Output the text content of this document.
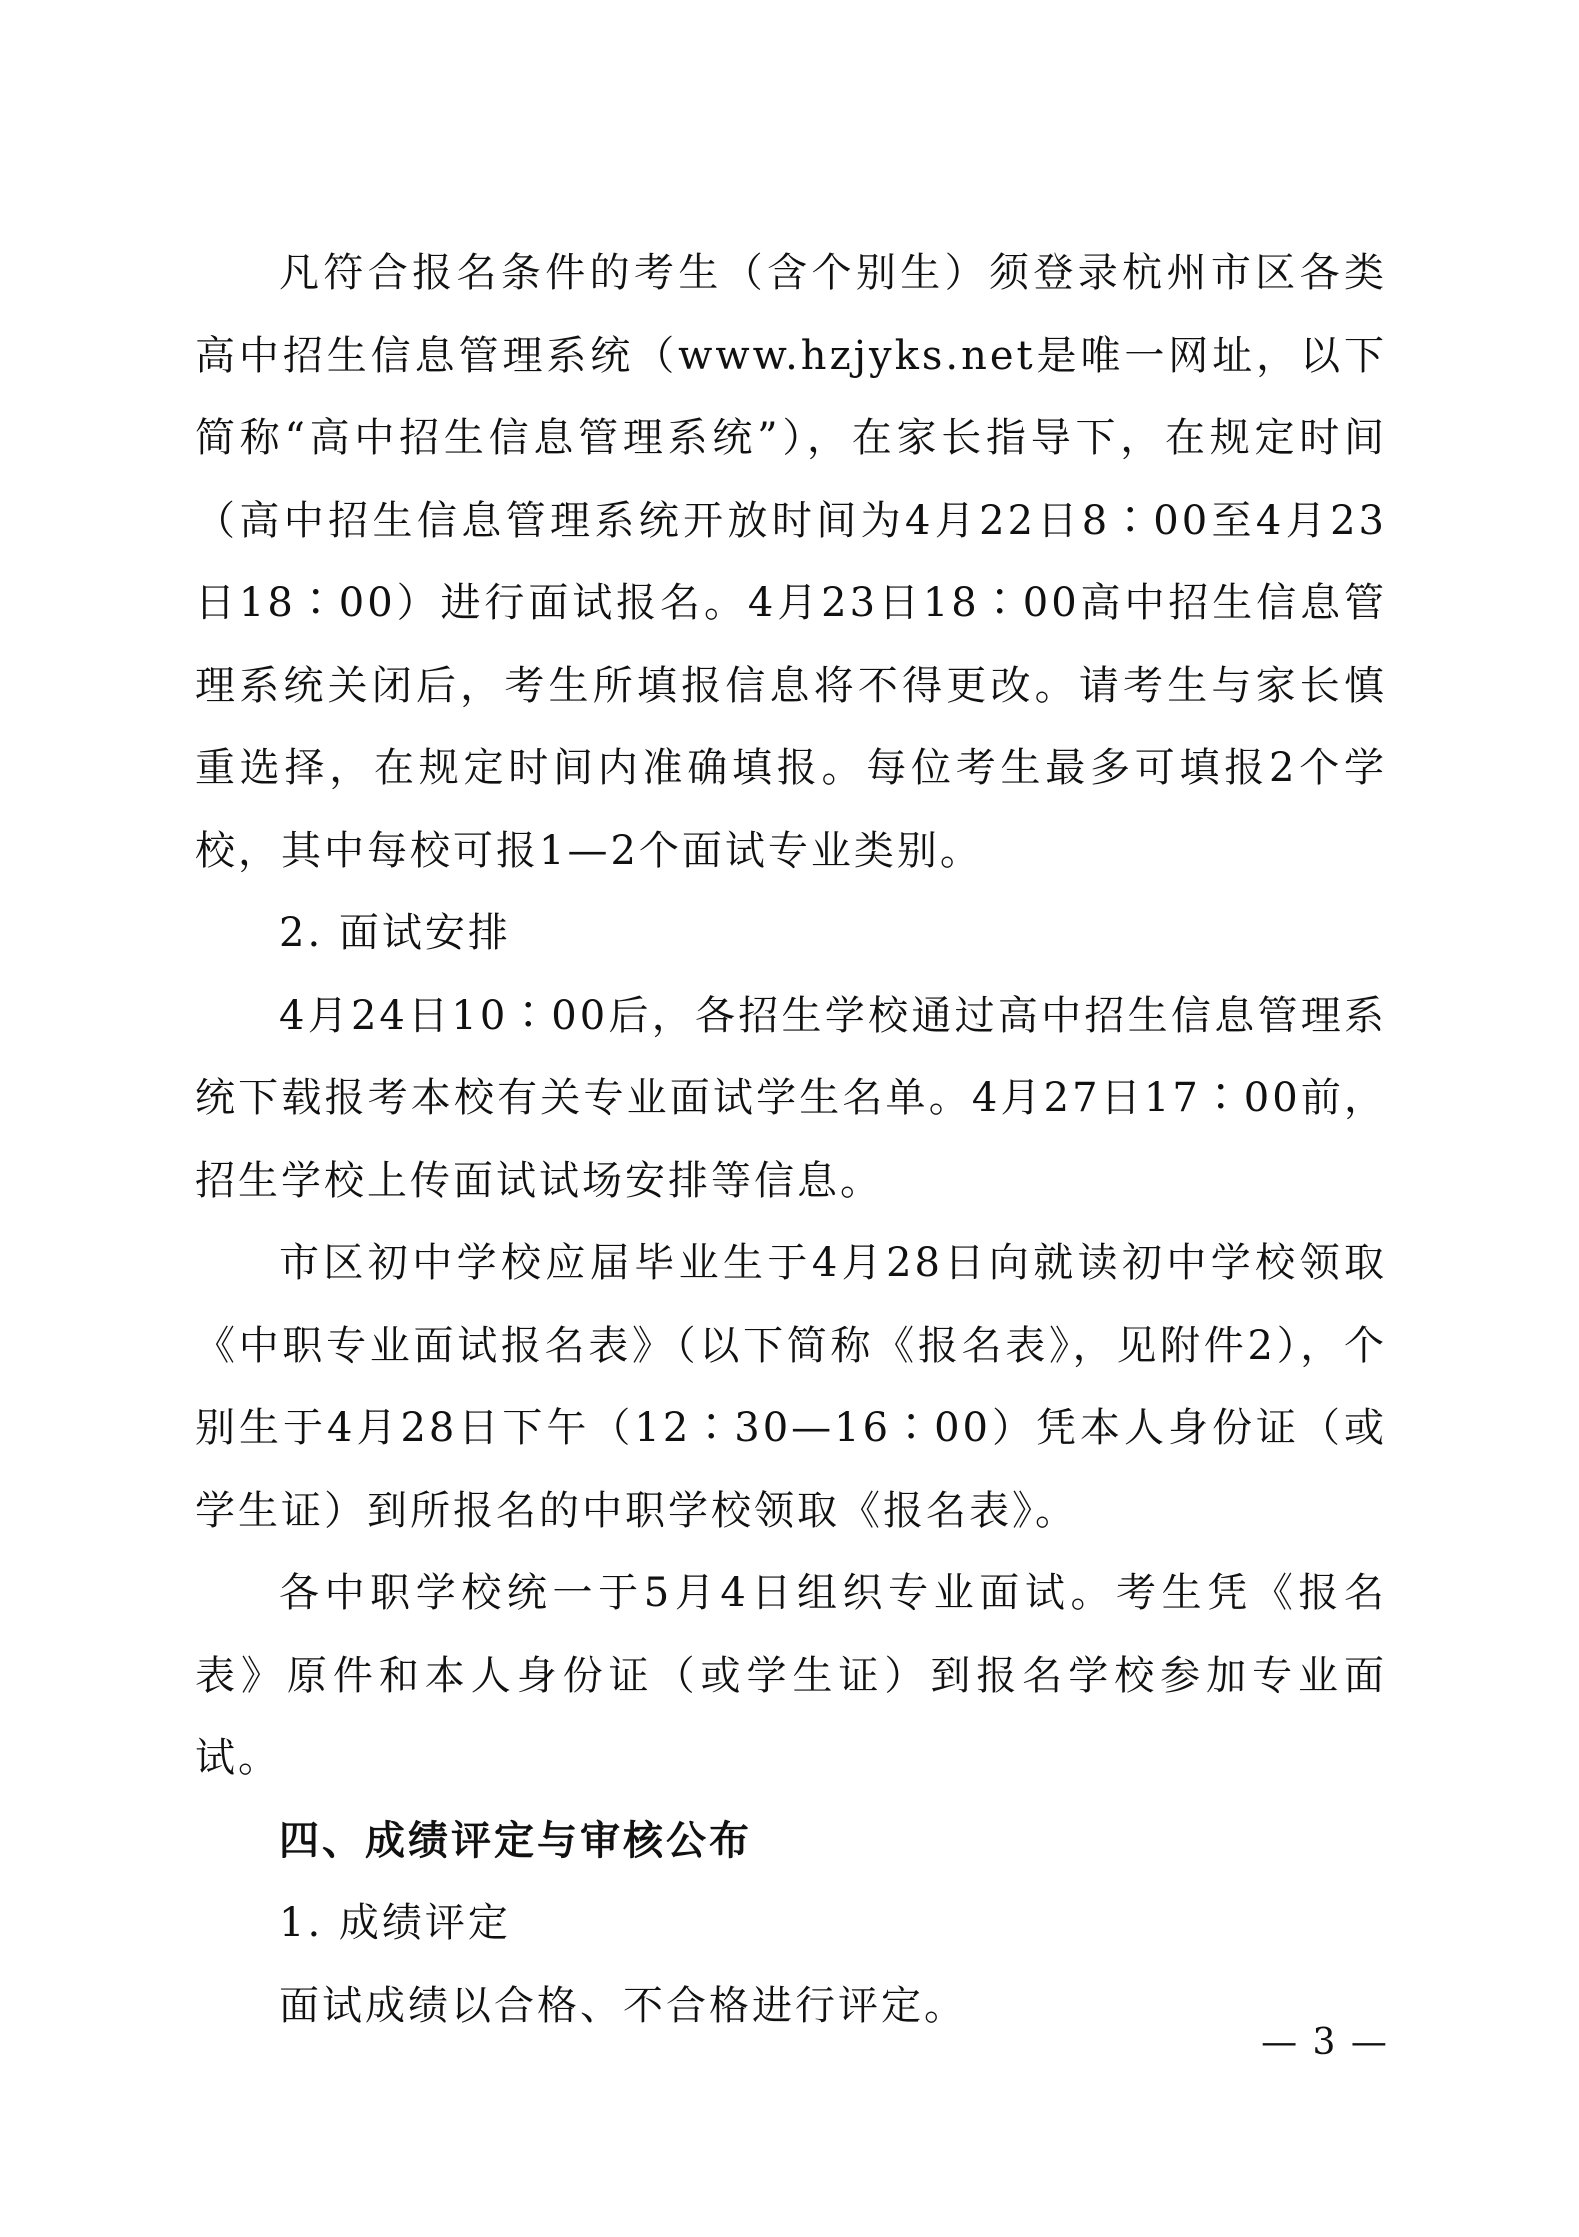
凡符合报名条件的考生（含个别生）须登录杭州市区各类高中招生信息管理系统（www.hzjyks.net是唯一网址，以下简称“高中招生信息管理系统”），在家长指导下，在规定时间（高中招生信息管理系统开放时间为4月22日8∶00至4月23日18∶00）进行面试报名。4月23日18∶00高中招生信息管理系统关闭后，考生所填报信息将不得更改。请考生与家长慎重选择，在规定时间内准确填报。每位考生最多可填报2个学校，其中每校可报1—2个面试专业类别。

2. 面试安排

4月24日10∶00后，各招生学校通过高中招生信息管理系统下载报考本校有关专业面试学生名单。4月27日17∶00前，招生学校上传面试试场安排等信息。

市区初中学校应届毕业生于4月28日向就读初中学校领取《中职专业面试报名表》（以下简称《报名表》，见附件2），个别生于4月28日下午（12∶30—16∶00）凭本人身份证（或学生证）到所报名的中职学校领取《报名表》。

各中职学校统一于5月4日组织专业面试。考生凭《报名表》原件和本人身份证（或学生证）到报名学校参加专业面试。

四、成绩评定与审核公布

1. 成绩评定

面试成绩以合格、不合格进行评定。

— 3 —
